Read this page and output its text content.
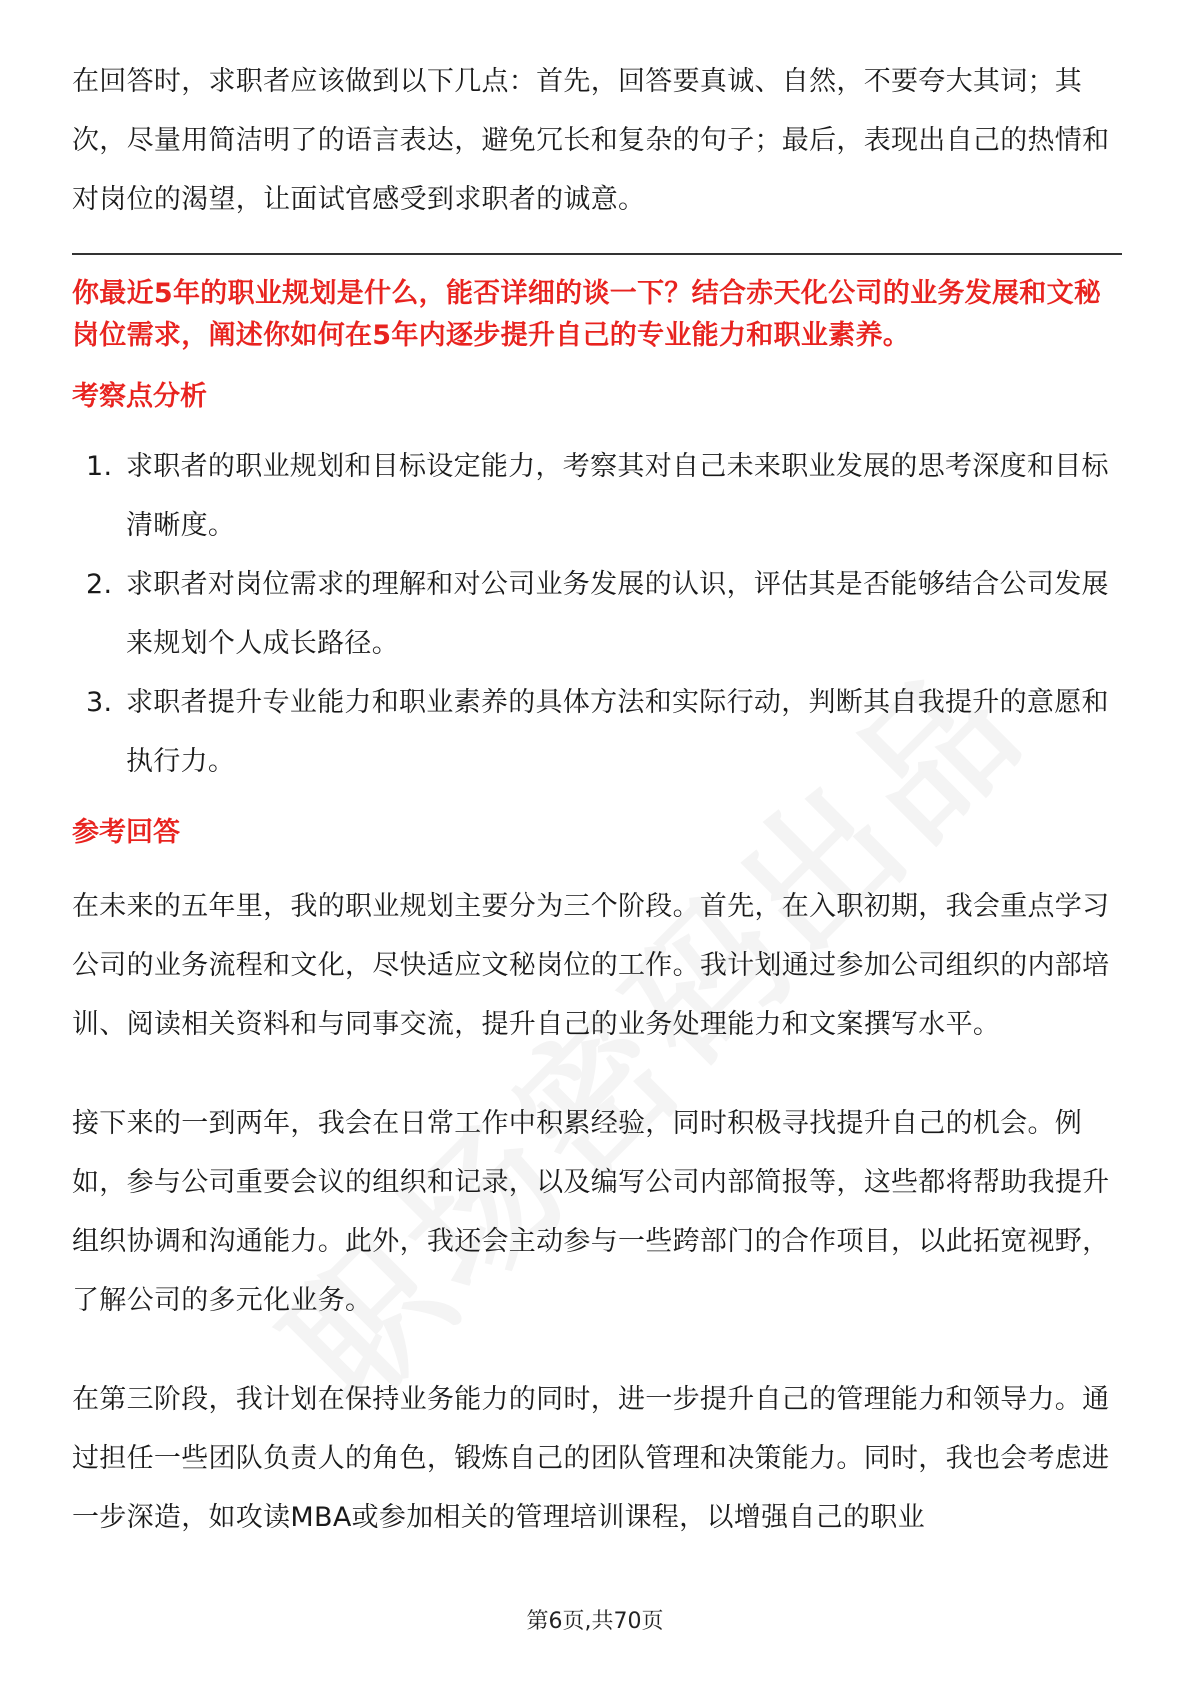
在回答时，求职者应该做到以下几点：首先，回答要真诚、自然，不要夸大其词；其次，尽量用简洁明了的语言表达，避免冗长和复杂的句子；最后，表现出自己的热情和对岗位的渴望，让面试官感受到求职者的诚意。

你最近5年的职业规划是什么，能否详细的谈一下？结合赤天化公司的业务发展和文秘岗位需求，阐述你如何在5年内逐步提升自己的专业能力和职业素养。

考察点分析

1. 求职者的职业规划和目标设定能力，考察其对自己未来职业发展的思考深度和目标清晰度。
2. 求职者对岗位需求的理解和对公司业务发展的认识，评估其是否能够结合公司发展来规划个人成长路径。
3. 求职者提升专业能力和职业素养的具体方法和实际行动，判断其自我提升的意愿和执行力。

参考回答

在未来的五年里，我的职业规划主要分为三个阶段。首先，在入职初期，我会重点学习公司的业务流程和文化，尽快适应文秘岗位的工作。我计划通过参加公司组织的内部培训、阅读相关资料和与同事交流，提升自己的业务处理能力和文案撰写水平。

接下来的一到两年，我会在日常工作中积累经验，同时积极寻找提升自己的机会。例如，参与公司重要会议的组织和记录，以及编写公司内部简报等，这些都将帮助我提升组织协调和沟通能力。此外，我还会主动参与一些跨部门的合作项目，以此拓宽视野，了解公司的多元化业务。

在第三阶段，我计划在保持业务能力的同时，进一步提升自己的管理能力和领导力。通过担任一些团队负责人的角色，锻炼自己的团队管理和决策能力。同时，我也会考虑进一步深造，如攻读MBA或参加相关的管理培训课程，以增强自己的职业

第6页,共70页
